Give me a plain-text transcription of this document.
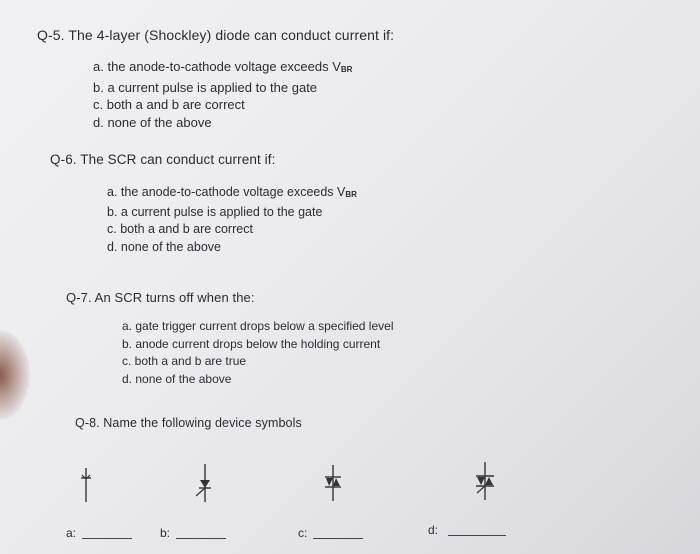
Q-5. The 4-layer (Shockley) diode can conduct current if:
a. the anode-to-cathode voltage exceeds VBR
b. a current pulse is applied to the gate
c. both a and b are correct
d. none of the above
Q-6. The SCR can conduct current if:
a. the anode-to-cathode voltage exceeds VBR
b. a current pulse is applied to the gate
c. both a and b are correct
d. none of the above
Q-7. An SCR turns off when the:
a. gate trigger current drops below a specified level
b. anode current drops below the holding current
c. both a and b are true
d. none of the above
Q-8. Name the following device symbols
a:	b:	c:	d:
